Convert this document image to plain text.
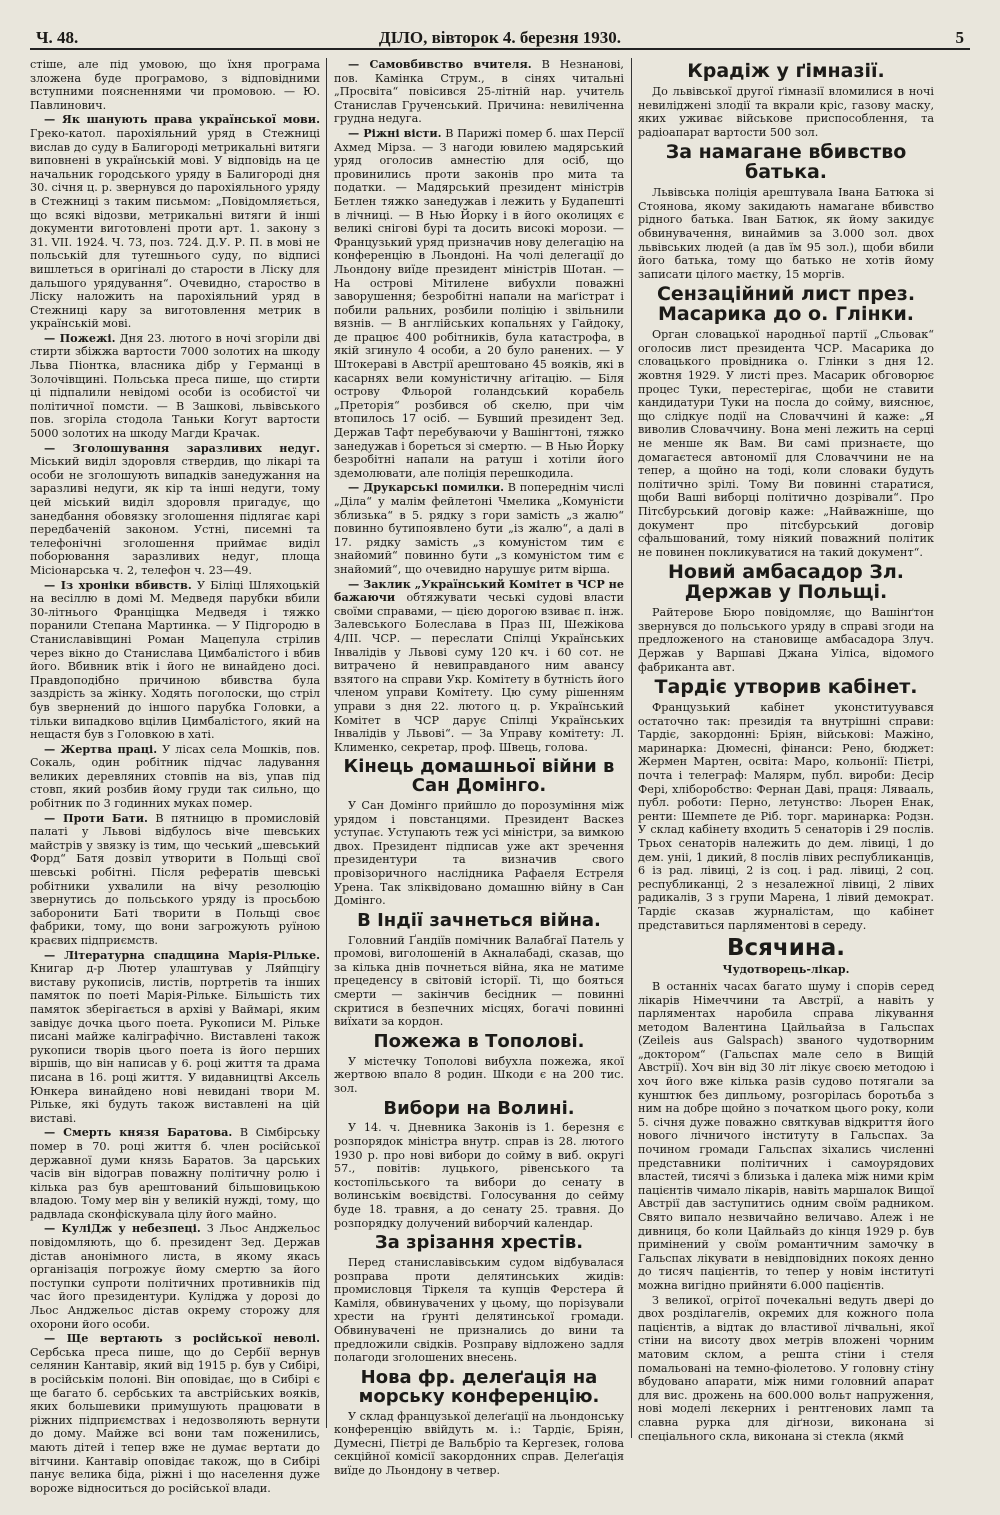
Ч. 48.	ДІЛО, вівторок 4. березня 1930.	5

стіше, але під умовою, що їхня програма зложена буде програмово, з відповідними вступними поясненнями чи промовою. — Ю. Павлинович.

— Як шанують права української мови. Греко-катол. парохіяльний уряд в Стежниці вислав до суду в Балигороді метрикальні витяги виповнені в українській мові. У відповідь на це начальник городського уряду в Балигороді дня 30. січня ц. р. звернувся до парохіяльного уряду в Стежниці з таким письмом: „Повідомляється, що всякі відозви, метрикальні витяги й інші документи виготовлені проти арт. 1. закону з 31. VII. 1924. Ч. 73, поз. 724. Д.У. Р. П. в мові не польській для тутешнього суду, по відписі вишлеться в оригіналі до старости в Ліску для дальшого урядування“. Очевидно, староство в Ліску наложить на парохіяльний уряд в Стежниці кару за виготовлення метрик в українській мові.

— Пожежі. Дня 23. лютого в ночі згоріли дві стирти збіжжа вартости 7000 золотих на шкоду Льва Піонтка, власника дібр у Германці в Золочівщині. Польська преса пише, що стирти ці підпалили невідомі особи із особистої чи політичної помсти. — В Зашкові, львівського пов. згоріла стодола Таньки Когут вартости 5000 золотих на шкоду Магди Крачак.

— Зголошування заразливих недуг. Міський виділ здоровля ствердив, що лікарі та особи не зголошують випадків занедужання на заразливі недуги, як кір та інші недуги, тому цей міський виділ здоровля пригадує, що занедбання обовязку зголошення підлягає карі передбаченій законом. Устні, писемні та телефонічні зголошення приймає виділ поборювання заразливих недуг, площа Місіонарська ч. 2, телефон ч. 23—49.

— Із хроніки вбивств. У Біліці Шляхоцькій на весіллю в домі М. Медведя парубки вбили 30-літнього Франціщка Медведя і тяжко поранили Степана Мартинка. — У Підгородю в Станиславівщині Роман Мацепула стрілив через вікно до Станислава Цимбалістого і вбив його. Вбивник втік і його не винайдено досі. Правдоподібно причиною вбивства була заздрість за жінку. Ходять поголоски, що стріл був звернений до іншого парубка Головки, а тільки випадково вцілив Цимбалістого, який на нещастя був з Головкою в хаті.

— Жертва праці. У лісах села Мошків, пов. Сокаль, один робітник підчас ладування великих деревляних стовпів на віз, упав під стовп, який розбив йому груди так сильно, що робітник по 3 годинних муках помер.

— Проти Бати. В пятницю в промисловій палаті у Львові відбулось віче шевських майстрів у звязку із тим, що чеський „шевський Форд“ Батя дозвіл утворити в Польщі свої шевські робітні. Після рефератів шевські робітники ухвалили на вічу резолюцію звернутись до польського уряду із просьбою заборонити Баті творити в Польщі своє фабрики, тому, що вони загрожують руїною краєвих підприємств.

— Літературна спадщина Марія-Рільке. Книгар д-р Лютер улаштував у Ляйпцігу виставу рукописів, листів, портретів та інших памяток по поеті Марія-Рільке. Більшість тих памяток зберігається в архіві у Ваймарі, яким завідує дочка цього поета. Рукописи М. Рільке писані майже каліграфічно. Виставлені також рукописи творів цього поета із його перших віршів, що він написав у 6. році життя та драма писана в 16. році життя. У видавництві Аксель Юнкера винайдено нові невидані твори М. Рільке, які будуть також виставлені на цій виставі.

— Смерть князя Баратова. В Сімбірську помер в 70. році життя б. член російської державної думи князь Баратов. За царських часів він відограв поважну політичну ролю і кілька раз був арештований більшовицькою владою. Тому мер він у великій нужді, тому, що радвлада сконфіскувала цілу його майно.

— КуліДж у небезпеці. З Льос Анджельос повідомляють, що б. президент Зед. Держав дістав анонімного листа, в якому якась організація погрожує йому смертю за його поступки супроти політичних противників під час його президентури. Куліджа у дорозі до Льос Анджельос дістав окрему сторожу для охорони його особи.

— Ще вертають з російської неволі. Сербська преса пише, що до Сербії вернув селянин Кантавір, який від 1915 р. був у Сибірі, в російськім полоні. Він оповідає, що в Сибірі є ще багато б. сербських та австрійських вояків, яких большевики примушують працювати в ріжних підприємствах і недозволяють вернути до дому. Майже всі вони там поженились, мають дітей і тепер вже не думає вертати до вітчини. Кантавір оповідає також, що в Сибірі панує велика біда, ріжні і що населення дуже вороже відноситься до російської влади.

— Самовбивство вчителя. В Незнанові, пов. Камінка Струм., в сінях читальні „Просвіта“ повісився 25-літній нар. учитель Станислав Грученський. Причина: невиліченна грудна недуга.

— Ріжні вісти. В Парижі помер б. шах Персії Ахмед Мірза. — З нагоди ювилею мадярський уряд оголосив амнестію для осіб, що провинились проти законів про мита та податки. — Мадярський президент міністрів Бетлен тяжко занедужав і лежить у Будапешті в лічниці. — В Нью Йорку і в його околицях є великі снігові бурі та досить високі морози. — Французький уряд призначив нову делегацію на конференцію в Льондоні. На чолі делегації до Льондону виїде президент міністрів Шотан. — На острові Мітилене вибухли поважні заворушення; безробітні напали на маґістрат і побили ральних, розбили поліцію і звільнили вязнів. — В англійських копальнях у Гайдоку, де працює 400 робітників, була катастрофа, в якій згинуло 4 особи, а 20 було ранених. — У Штокераві в Австрії арештовано 45 вояків, які в касарнях вели комуністичну аґітацію. — Біля острову Фльорой голандський корабель „Преторія“ розбився об скелю, при чім втопилось 17 осіб. — Бувший президент Зед. Держав Тафт перебуваючи у Вашінгтоні, тяжко занедужав і бореться зі смертю. — В Нью Йорку безробітні напали на ратуш і хотіли його здемолювати, але поліція перешкодила.

— Друкарські помилки. В попереднім числі „Діла“ у малім фейлетоні Чмелика „Комуністи зблизька“ в 5. рядку з гори замість „з жалю“ повинно бутипоявлено бути „із жалю“, а далі в 17. рядку замість „з комуністом тим є знайомий“ повинно бути „з комуністом тим є знайомий“, що очевидно нарушує ритм вірша.

— Заклик „Український Комітет в ЧСР не бажаючи обтяжувати чеські судові власти своїми справами, — цією дорогою взиває п. інж. Залевського Болеслава в Праз III, Шежікова 4/III. ЧСР. — переслати Спілці Українських Інвалідів у Львові суму 120 кч. і 60 сот. не витрачено й невиправданого ним авансу взятого на справи Укр. Комітету в бутність його членом управи Комітету. Цю суму рішенням управи з дня 22. лютого ц. р. Український Комітет в ЧСР дарує Спілці Українських Інвалідів у Львові“. — За Управу комітету: Л. Клименко, секретар, проф. Швець, голова.

Кінець домашньої війни в Сан Домінго.

У Сан Домінго прийшло до порозуміння між урядом і повстанцями. Президент Васкез уступає. Уступають теж усі міністри, за вимкою двох. Президент підписав уже акт зречення президентури та визначив свого провізоричного наслідника Рафаеля Естреля Урена. Так зліквідовано домашню війну в Сан Домінго.

В Індії зачнеться війна.

Головний Ґандіїв помічник Валабгаї Патель у промові, виголошеній в Акналабаді, сказав, що за кілька днів почнеться війна, яка не матиме прецеденсу в світовій історії. Ті, що бояться смерти — закінчив бесідник — повинні скритися в безпечних місцях, богачі повинні виїхати за кордон.

Пожежа в Тополові.

У містечку Тополові вибухла пожежа, якої жертвою впало 8 родин. Шкоди є на 200 тис. зол.

Вибори на Волині.

У 14. ч. Дневника Законів із 1. березня є розпорядок міністра внутр. справ із 28. лютого 1930 р. про нові вибори до сойму в виб. округі 57., повітів: луцького, рівенського та костопільського та вибори до сенату в волинськім воєвідстві. Голосування до сейму буде 18. травня, а до сенату 25. травня. До розпорядку долучений виборчий календар.

За зрізання хрестів.

Перед станиславівським судом відбувалася розправа проти делятинських жидів: промисловця Тіркеля та купців Ферстера й Каміля, обвинувачених у цьому, що порізували хрести на ґрунті делятинської громади. Обвинувачені не признались до вини та предложили свідків. Розправу відложено задля полагоди зголошених внесень.

Нова фр. делеґація на морську конференцію.

У склад французької делеґації на льондонську конференцію ввійдуть м. і.: Тардіє, Бріян, Думесні, Пієтрі де Вальбріо та Кергезек, голова секційної комісії закордонних справ. Делеґація виїде до Льондону в четвер.

Крадіж у ґімназії.

До львівської другої ґімназії вломилися в ночі невиліджені злодії та вкрали кріс, газову маску, яких уживає військове приспособлення, та радіоапарат вартости 500 зол.

За намагане вбивство батька.

Львівська поліція арештувала Івана Батюка зі Стоянова, якому закидають намагане вбивство рідного батька. Іван Батюк, як йому закидує обвинувачення, винаймив за 3.000 зол. двох львівських людей (а дав їм 95 зол.), щоби вбили його батька, тому що батько не хотів йому записати цілого маєтку, 15 моргів.

Сензаційний лист през. Масарика до о. Глінки.

Орган словацької народньої партії „Сльовак“ оголосив лист президента ЧСР. Масарика до словацького провідника о. Глінки з дня 12. жовтня 1929. У листі през. Масарик обговорює процес Туки, перестерігає, щоби не ставити кандидатури Туки на посла до сойму, вияснює, що слідкує події на Словаччині й каже: „Я виволив Словаччину. Вона мені лежить на серці не менше як Вам. Ви самі признаєте, що домагаєтеся автономії для Словаччини не на тепер, а щойно на тоді, коли словаки будуть політично зрілі. Тому Ви повинні старатися, щоби Ваші виборці політично дозрівали“. Про Пітсбурський договір каже: „Найважніше, що документ про пітсбурський договір сфальшований, тому ніякий поважний політик не повинен покликуватися на такий документ“.

Новий амбасадор Зл. Держав у Польщі.

Райтерове Бюро повідомляє, що Вашінґтон звернувся до польського уряду в справі згоди на предложеного на становище амбасадора Злуч. Держав у Варшаві Джана Уіліса, відомого фабриканта авт.

Тардіє утворив кабінет.

Французький кабінет уконституувався остаточно так: президія та внутрішні справи: Тардіє, закордонні: Бріян, військові: Мажіно, маринарка: Дюмесні, фінанси: Рено, бюджет: Жермен Мартен, освіта: Маро, кольонії: Пієтрі, почта і телеграф: Малярм, публ. вироби: Десір Фері, хліборобство: Фернан Даві, праця: Лявааль, публ. роботи: Перно, летунство: Льорен Енак, ренти: Шемпете де Ріб. торг. маринарка: Родзн. У склад кабінету входить 5 сенаторів і 29 послів. Трьох сенаторів належить до дем. лівиці, 1 до дем. уніі, 1 дикий, 8 послів лівих республиканців, 6 із рад. лівиці, 2 із соц. і рад. лівиці, 2 соц. республиканці, 2 з незалежної лівиці, 2 лівих радикалів, 3 з групи Марена, 1 лівий демократ. Тардіє сказав журналістам, що кабінет представиться парляментові в середу.

Всячина.
Чудотворець-лікар.

В останніх часах багато шуму і спорів серед лікарів Німеччини та Австрії, а навіть у парляментах наробила справа лікування методом Валентина Цайльайза в Гальспах (Zeileis aus Galspach) званого чудотворним „доктором“ (Гальспах мале село в Вищій Австрії). Хоч він від 30 літ лікує своєю методою і хоч його вже кілька разів судово потягали за кунштюк без дипльому, розгорілась боротьба з ним на добре щойно з початком цього року, коли 5. січня дуже поважно святкував відкриття його нового лічничого інституту в Гальспах. За почином громади Гальспах зіхались численні представники політичних і самоурядових властей, тисячі з близька і далека між ними крім пацієнтів чимало лікарів, навіть маршалок Вищої Австрії дав заступитись одним своїм радником. Свято випало незвичайно величаво. Алеж і не дивниця, бо коли Цайльайз до кінця 1929 р. був примінений у своїм романтичним замочку в Гальспах лікувати в невідповідних покоях денно до тисяч пацієнтів, то тепер у новім інституті можна вигідно прийняти 6.000 пацієнтів.

З великої, огрітої почекальні ведуть двері до двох розділагелів, окремих для кожного пола пацієнтів, а відтак до властивої лічвальні, якої стіни на висоту двох метрів вложені чорним матовим склом, а решта стіни і стеля помальовані на темно-фіолетово. У головну стіну вбудовано апарати, між ними головний апарат для вис. дрожень на 600.000 вольт напруження, нові моделі лєкерних і рентгенових ламп та славна рурка для діґнози, виконана зі спеціального скла, виконана зі стекла (якмй
